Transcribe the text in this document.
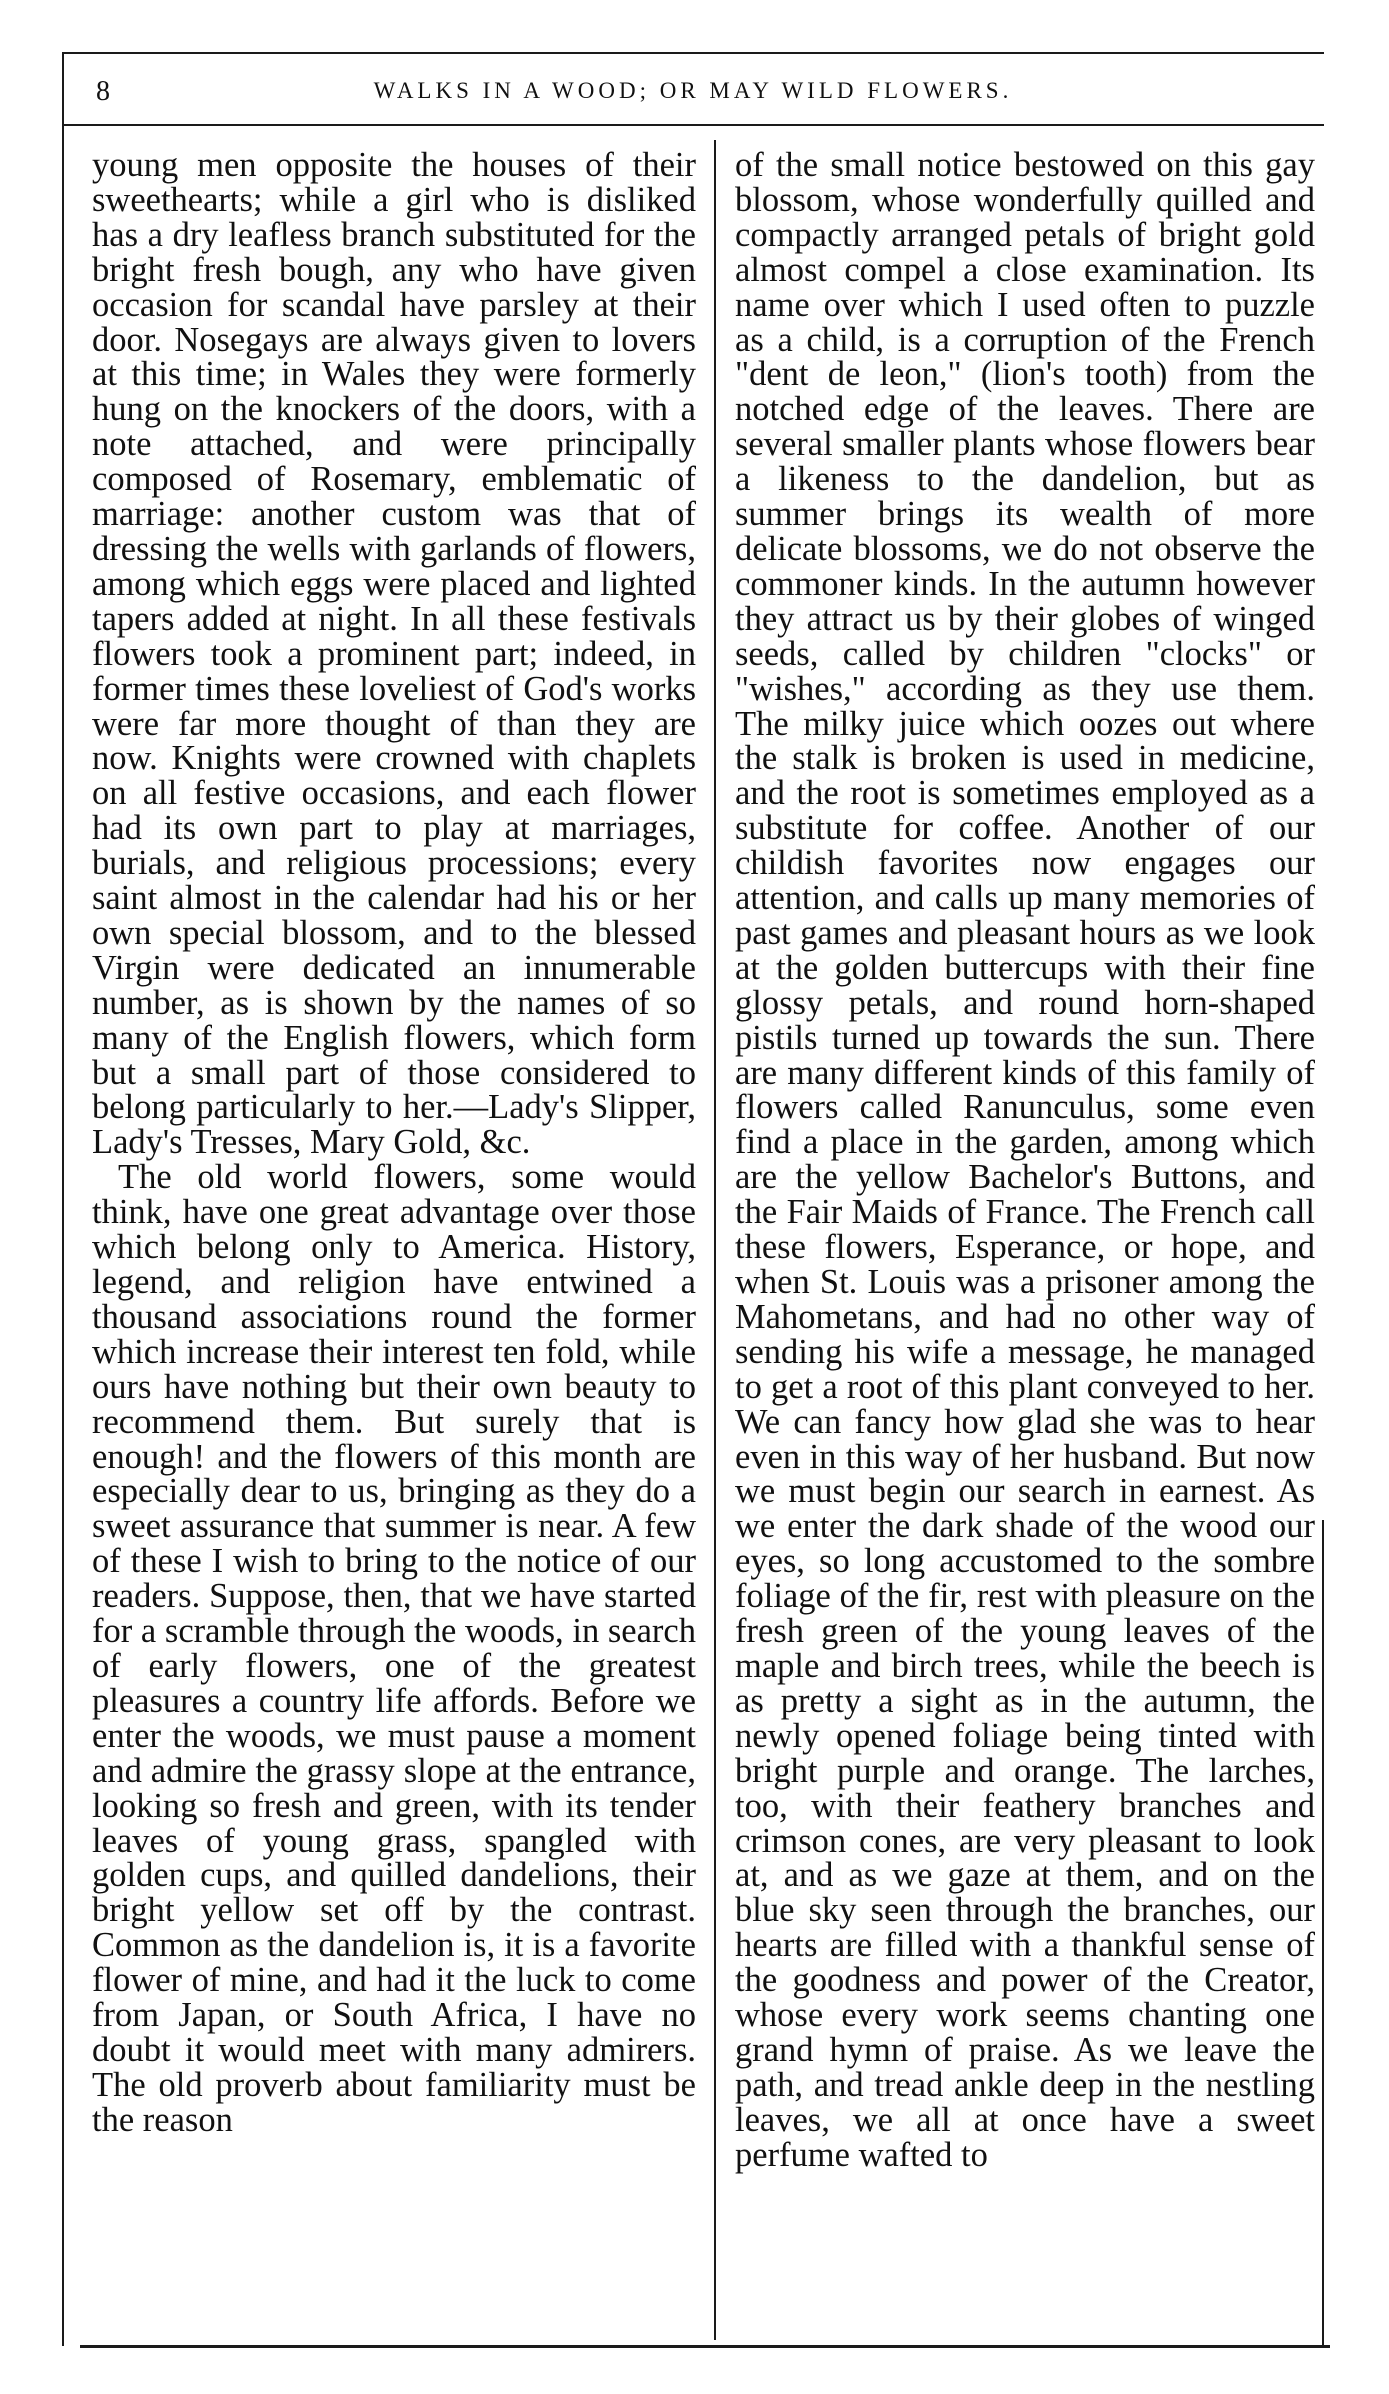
8	WALKS IN A WOOD; OR MAY WILD FLOWERS.

young men opposite the houses of their sweethearts; while a girl who is disliked has a dry leafless branch substituted for the bright fresh bough, any who have given occasion for scandal have parsley at their door. Nosegays are always given to lovers at this time; in Wales they were formerly hung on the knockers of the doors, with a note attached, and were principally composed of Rosemary, emblematic of marriage: another custom was that of dressing the wells with garlands of flowers, among which eggs were placed and lighted tapers added at night. In all these festivals flowers took a prominent part; indeed, in former times these loveliest of God's works were far more thought of than they are now. Knights were crowned with chaplets on all festive occasions, and each flower had its own part to play at marriages, burials, and religious processions; every saint almost in the calendar had his or her own special blossom, and to the blessed Virgin were dedicated an innumerable number, as is shown by the names of so many of the English flowers, which form but a small part of those considered to belong particularly to her.—Lady's Slipper, Lady's Tresses, Mary Gold, &c.

The old world flowers, some would think, have one great advantage over those which belong only to America. History, legend, and religion have entwined a thousand associations round the former which increase their interest ten fold, while ours have nothing but their own beauty to recommend them. But surely that is enough! and the flowers of this month are especially dear to us, bringing as they do a sweet assurance that summer is near. A few of these I wish to bring to the notice of our readers. Suppose, then, that we have started for a scramble through the woods, in search of early flowers, one of the greatest pleasures a country life affords. Before we enter the woods, we must pause a moment and admire the grassy slope at the entrance, looking so fresh and green, with its tender leaves of young grass, spangled with golden cups, and quilled dandelions, their bright yellow set off by the contrast. Common as the dandelion is, it is a favorite flower of mine, and had it the luck to come from Japan, or South Africa, I have no doubt it would meet with many admirers. The old proverb about familiarity must be the reason

of the small notice bestowed on this gay blossom, whose wonderfully quilled and compactly arranged petals of bright gold almost compel a close examination. Its name over which I used often to puzzle as a child, is a corruption of the French "dent de leon," (lion's tooth) from the notched edge of the leaves. There are several smaller plants whose flowers bear a likeness to the dandelion, but as summer brings its wealth of more delicate blossoms, we do not observe the commoner kinds. In the autumn however they attract us by their globes of winged seeds, called by children "clocks" or "wishes," according as they use them. The milky juice which oozes out where the stalk is broken is used in medicine, and the root is sometimes employed as a substitute for coffee. Another of our childish favorites now engages our attention, and calls up many memories of past games and pleasant hours as we look at the golden buttercups with their fine glossy petals, and round horn-shaped pistils turned up towards the sun. There are many different kinds of this family of flowers called Ranunculus, some even find a place in the garden, among which are the yellow Bachelor's Buttons, and the Fair Maids of France. The French call these flowers, Esperance, or hope, and when St. Louis was a prisoner among the Mahometans, and had no other way of sending his wife a message, he managed to get a root of this plant conveyed to her. We can fancy how glad she was to hear even in this way of her husband. But now we must begin our search in earnest. As we enter the dark shade of the wood our eyes, so long accustomed to the sombre foliage of the fir, rest with pleasure on the fresh green of the young leaves of the maple and birch trees, while the beech is as pretty a sight as in the autumn, the newly opened foliage being tinted with bright purple and orange. The larches, too, with their feathery branches and crimson cones, are very pleasant to look at, and as we gaze at them, and on the blue sky seen through the branches, our hearts are filled with a thankful sense of the goodness and power of the Creator, whose every work seems chanting one grand hymn of praise. As we leave the path, and tread ankle deep in the nestling leaves, we all at once have a sweet perfume wafted to
